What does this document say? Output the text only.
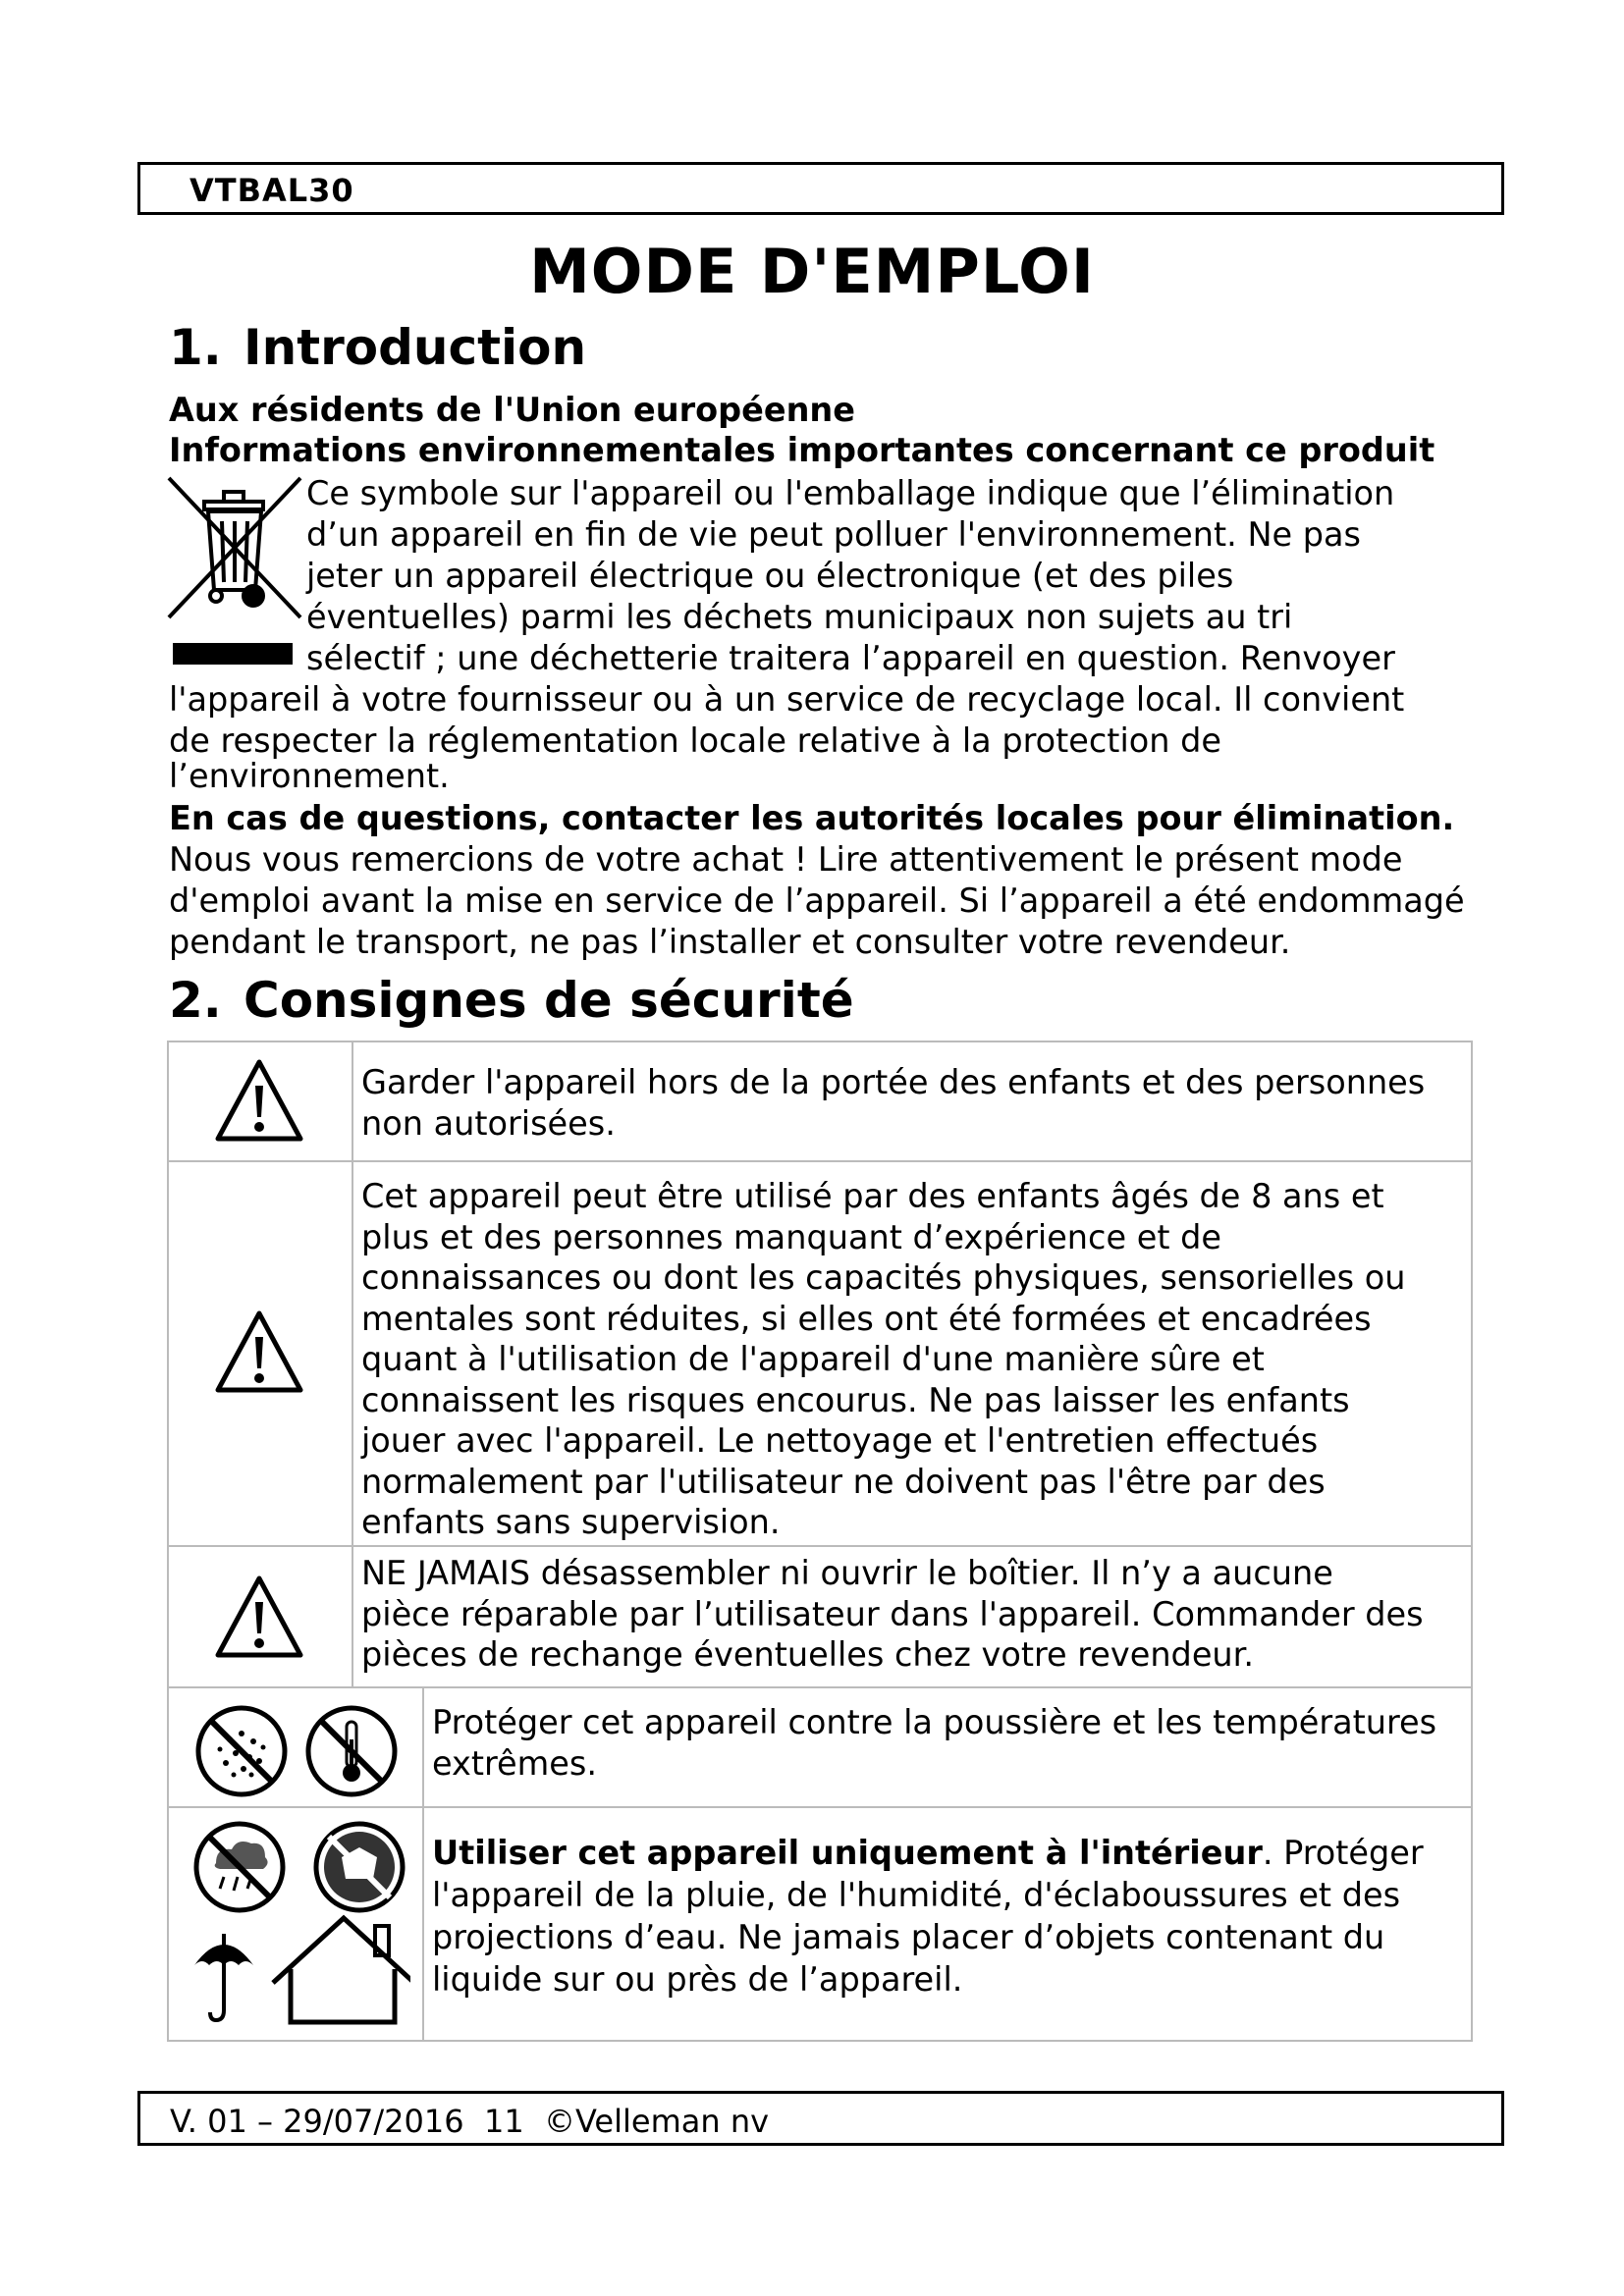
VTBAL30
MODE D'EMPLOI
1. Introduction
Aux résidents de l'Union européenne
Informations environnementales importantes concernant ce produit
Ce symbole sur l'appareil ou l'emballage indique que l’élimination
d’un appareil en fin de vie peut polluer l'environnement. Ne pas
jeter un appareil électrique ou électronique (et des piles
éventuelles) parmi les déchets municipaux non sujets au tri
sélectif ; une déchetterie traitera l’appareil en question. Renvoyer
l'appareil à votre fournisseur ou à un service de recyclage local. Il convient
de respecter la réglementation locale relative à la protection de
l’environnement.
En cas de questions, contacter les autorités locales pour élimination.
Nous vous remercions de votre achat ! Lire attentivement le présent mode
d'emploi avant la mise en service de l’appareil. Si l’appareil a été endommagé
pendant le transport, ne pas l’installer et consulter votre revendeur.
2. Consignes de sécurité

Garder l'appareil hors de la portée des enfants et des personnes

non autorisées.

Cet appareil peut être utilisé par des enfants âgés de 8 ans et

plus et des personnes manquant d’expérience et de

connaissances ou dont les capacités physiques, sensorielles ou

mentales sont réduites, si elles ont été formées et encadrées

quant à l'utilisation de l'appareil d'une manière sûre et

connaissent les risques encourus. Ne pas laisser les enfants

jouer avec l'appareil. Le nettoyage et l'entretien effectués

normalement par l'utilisateur ne doivent pas l'être par des

enfants sans supervision.

NE JAMAIS désassembler ni ouvrir le boîtier. Il n’y a aucune

pièce réparable par l’utilisateur dans l'appareil. Commander des

pièces de rechange éventuelles chez votre revendeur.

Protéger cet appareil contre la poussière et les températures

extrêmes.

Utiliser cet appareil uniquement à l'intérieur. Protéger

l'appareil de la pluie, de l'humidité, d'éclaboussures et des

projections d’eau. Ne jamais placer d’objets contenant du

liquide sur ou près de l’appareil.

V. 01 – 29/07/2016  11  ©Velleman nv
